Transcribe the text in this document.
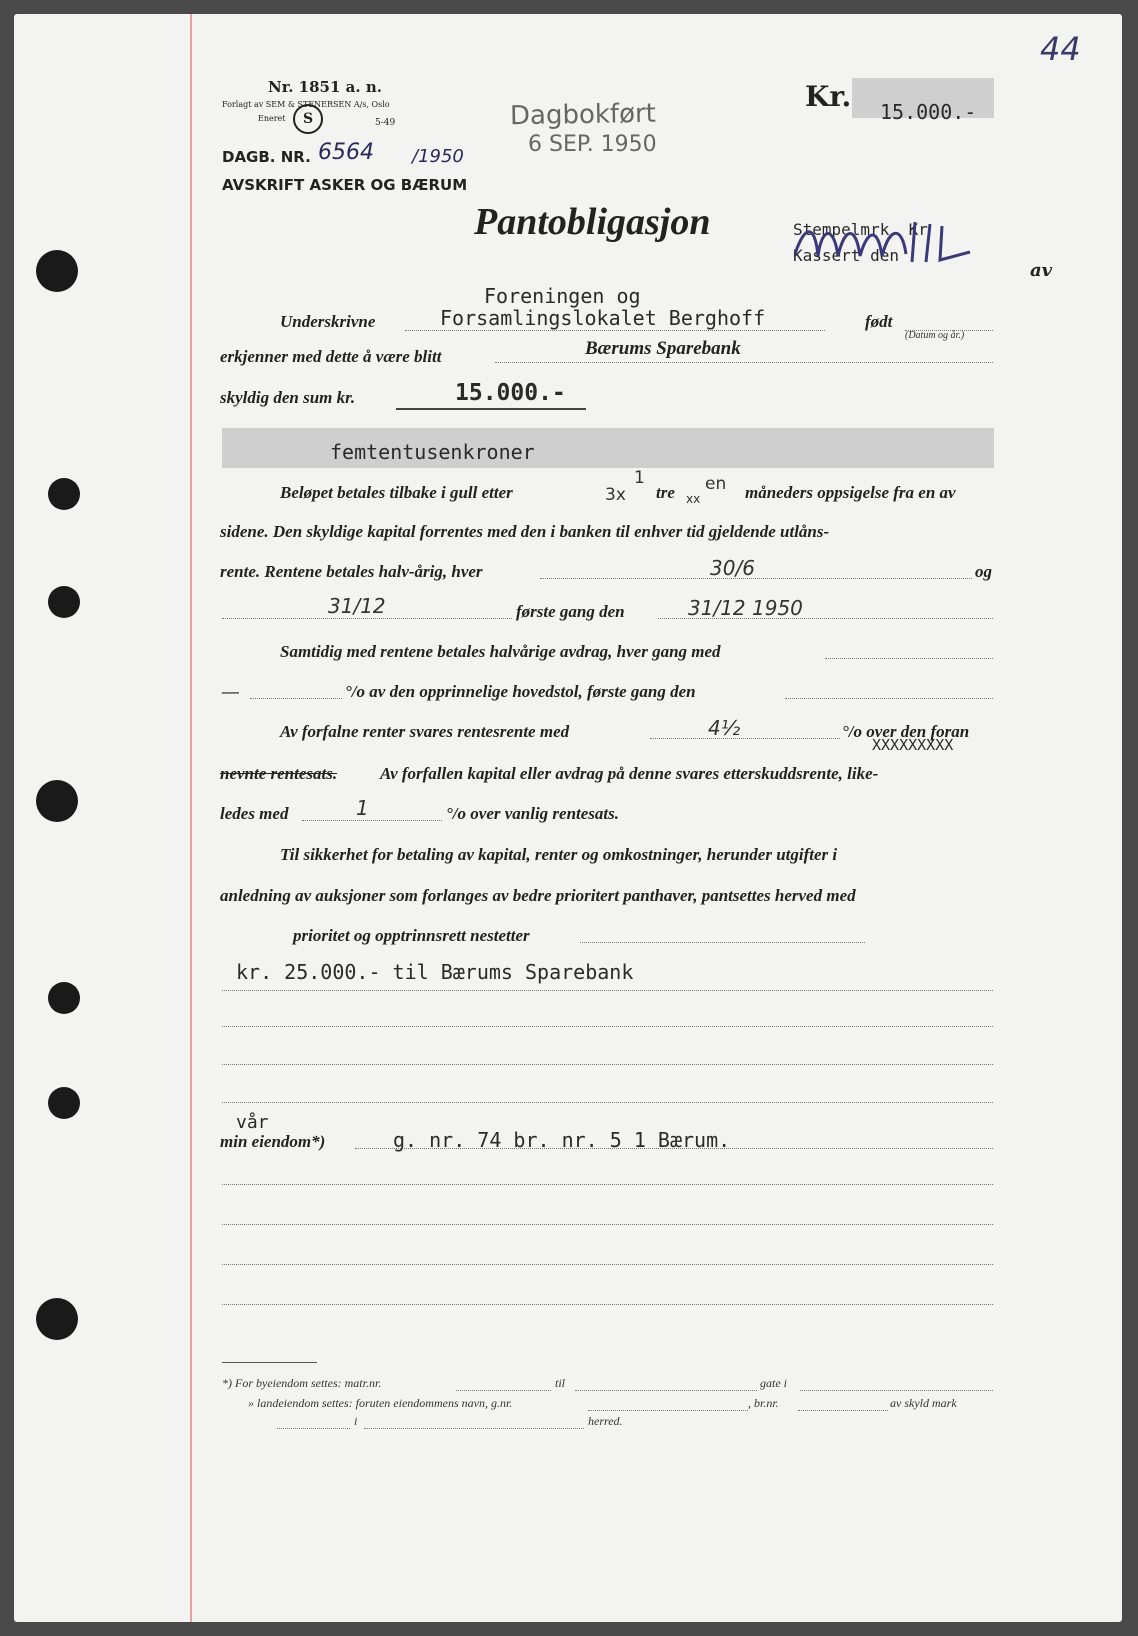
44
Nr. 1851 a. n.
Forlagt av SEM & STENERSEN A/s, Oslo
Eneret	S	5-49
DAGB. NR. 6564 /1950
AVSKRIFT ASKER OG BÆRUM
Dagbokført
6 SEP. 1950
Kr. 15.000.-
Pantobligasjon	Stempelmrk. Kr
Kassert den
av
Foreningen og
Underskrivne	Forsamlingslokalet Berghoff	født
(Datum og år.)
erkjenner med dette å være blitt	Bærums Sparebank
skyldig den sum kr.	15.000.-
femtentusenkroner
Beløpet betales tilbake i gull etter	3x
1
tre xx
en måneders oppsigelse fra en av
sidene. Den skyldige kapital forrentes med den i banken til enhver tid gjeldende utlåns-
rente. Rentene betales halv-årig, hver	30/6	og
31/12	første gang den	31/12 1950
Samtidig med rentene betales halvårige avdrag, hver gang med
—	°/o av den opprinnelige hovedstol, første gang den
Av forfalne renter svares rentesrente med	4½	°/o over den foran
XXXXXXXXX
nevnte rentesats.	Av forfallen kapital eller avdrag på denne svares etterskuddsrente, like-
ledes med	1	°/o over vanlig rentesats.
Til sikkerhet for betaling av kapital, renter og omkostninger, herunder utgifter i
anledning av auksjoner som forlanges av bedre prioritert panthaver, pantsettes herved med
prioritet og opptrinnsrett nestetter
kr. 25.000.- til Bærums Sparebank
vår
min eiendom*)	g. nr. 74 br. nr. 5 1 Bærum.
*) For byeiendom settes: matr.nr.	til	gate i
» landeiendom settes: foruten eiendommens navn, g.nr.	, br.nr.	av skyld mark
i	herred.
